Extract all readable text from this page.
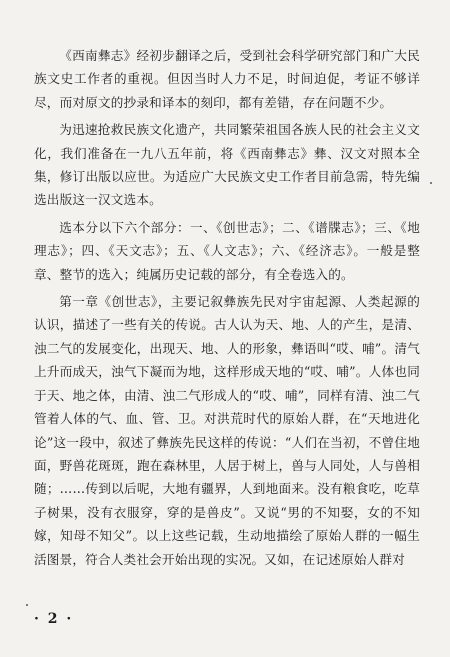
《西南彝志》经初步翻译之后，受到社会科学研究部门和广大民族文史工作者的重视。但因当时人力不足，时间迫促，考证不够详尽，而对原文的抄录和译本的刻印，都有差错，存在问题不少。

为迅速抢救民族文化遗产，共同繁荣祖国各族人民的社会主义文化，我们准备在一九八五年前，将《西南彝志》彝、汉文对照本全集，修订出版以应世。为适应广大民族文史工作者目前急需，特先编选出版这一汉文选本。

选本分以下六个部分：一、《创世志》；二、《谱牒志》；三、《地理志》；四、《天文志》；五、《人文志》；六、《经济志》。一般是整章、整节的选入；纯属历史记载的部分，有全卷选入的。

第一章《创世志》，主要记叙彝族先民对宇宙起源、人类起源的认识，描述了一些有关的传说。古人认为天、地、人的产生，是清、浊二气的发展变化，出现天、地、人的形象，彝语叫“哎、哺”。清气上升而成天，浊气下凝而为地，这样形成天地的“哎、哺”。人体也同于天、地之体，由清、浊二气形成人的“哎、哺”，同样有清、浊二气管着人体的气、血、管、卫。对洪荒时代的原始人群，在“天地进化论”这一段中，叙述了彝族先民这样的传说：“人们在当初，不曾住地面，野兽花斑斑，跑在森林里，人居于树上，兽与人同处，人与兽相随；……传到以后呢，大地有疆界，人到地面来。没有粮食吃，吃草子树果，没有衣服穿，穿的是兽皮”。又说“男的不知娶，女的不知嫁，知母不知父”。以上这些记载，生动地描绘了原始人群的一幅生活图景，符合人类社会开始出现的实况。又如，在记述原始人群对

· 2 ·
